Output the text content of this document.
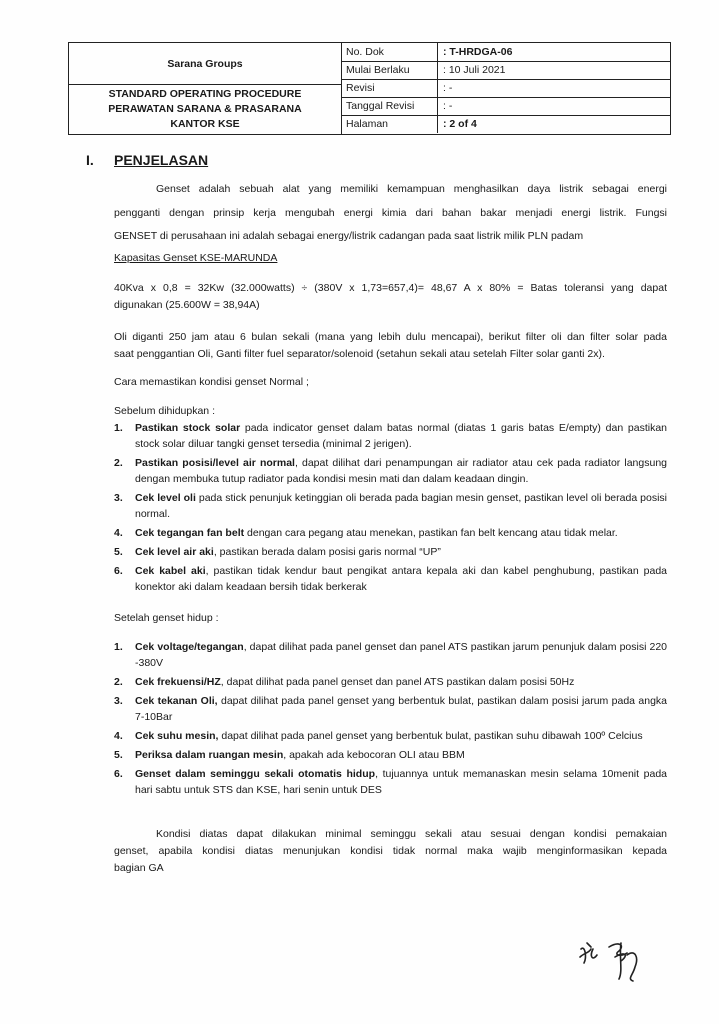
Sarana Groups
STANDARD OPERATING PROCEDURE
PERAWATAN SARANA & PRASARANA
KANTOR KSE
No. Dok	: T-HRDGA-06
Mulai Berlaku	: 10 Juli 2021
Revisi	: -
Tanggal Revisi	: -
Halaman	: 2 of 4
I. PENJELASAN
Genset adalah sebuah alat yang memiliki kemampuan menghasilkan daya listrik sebagai energi
pengganti dengan prinsip kerja mengubah energi kimia dari bahan bakar menjadi energi listrik. Fungsi
GENSET di perusahaan ini adalah sebagai energy/listrik cadangan pada saat listrik milik PLN padam
Kapasitas Genset KSE-MARUNDA
40Kva x 0,8 = 32Kw (32.000watts) ÷ (380V x 1,73=657,4)= 48,67 A x 80% = Batas toleransi yang dapat
digunakan (25.600W = 38,94A)
Oli diganti 250 jam atau 6 bulan sekali (mana yang lebih dulu mencapai), berikut filter oli dan filter solar pada
saat penggantian Oli, Ganti filter fuel separator/solenoid (setahun sekali atau setelah Filter solar ganti 2x).
Cara memastikan kondisi genset Normal ;
Sebelum dihidupkan :
1. Pastikan stock solar pada indicator genset dalam batas normal (diatas 1 garis batas E/empty) dan pastikan stock solar diluar tangki genset tersedia (minimal 2 jerigen).
2. Pastikan posisi/level air normal, dapat dilihat dari penampungan air radiator atau cek pada radiator langsung dengan membuka tutup radiator pada kondisi mesin mati dan dalam keadaan dingin.
3. Cek level oli pada stick penunjuk ketinggian oli berada pada bagian mesin genset, pastikan level oli berada posisi normal.
4. Cek tegangan fan belt dengan cara pegang atau menekan, pastikan fan belt kencang atau tidak melar.
5. Cek level air aki, pastikan berada dalam posisi garis normal “UP”
6. Cek kabel aki, pastikan tidak kendur baut pengikat antara kepala aki dan kabel penghubung, pastikan pada konektor aki dalam keadaan bersih tidak berkerak
Setelah genset hidup :
1. Cek voltage/tegangan, dapat dilihat pada panel genset dan panel ATS pastikan jarum penunjuk dalam posisi 220 -380V
2. Cek frekuensi/HZ, dapat dilihat pada panel genset dan panel ATS pastikan dalam posisi 50Hz
3. Cek tekanan Oli, dapat dilihat pada panel genset yang berbentuk bulat, pastikan dalam posisi jarum pada angka 7-10Bar
4. Cek suhu mesin, dapat dilihat pada panel genset yang berbentuk bulat, pastikan suhu dibawah 100º Celcius
5. Periksa dalam ruangan mesin, apakah ada kebocoran OLI atau BBM
6. Genset dalam seminggu sekali otomatis hidup, tujuannya untuk memanaskan mesin selama 10menit pada hari sabtu untuk STS dan KSE, hari senin untuk DES
Kondisi diatas dapat dilakukan minimal seminggu sekali atau sesuai dengan kondisi pemakaian
genset, apabila kondisi diatas menunjukan kondisi tidak normal maka wajib menginformasikan kepada
bagian GA
